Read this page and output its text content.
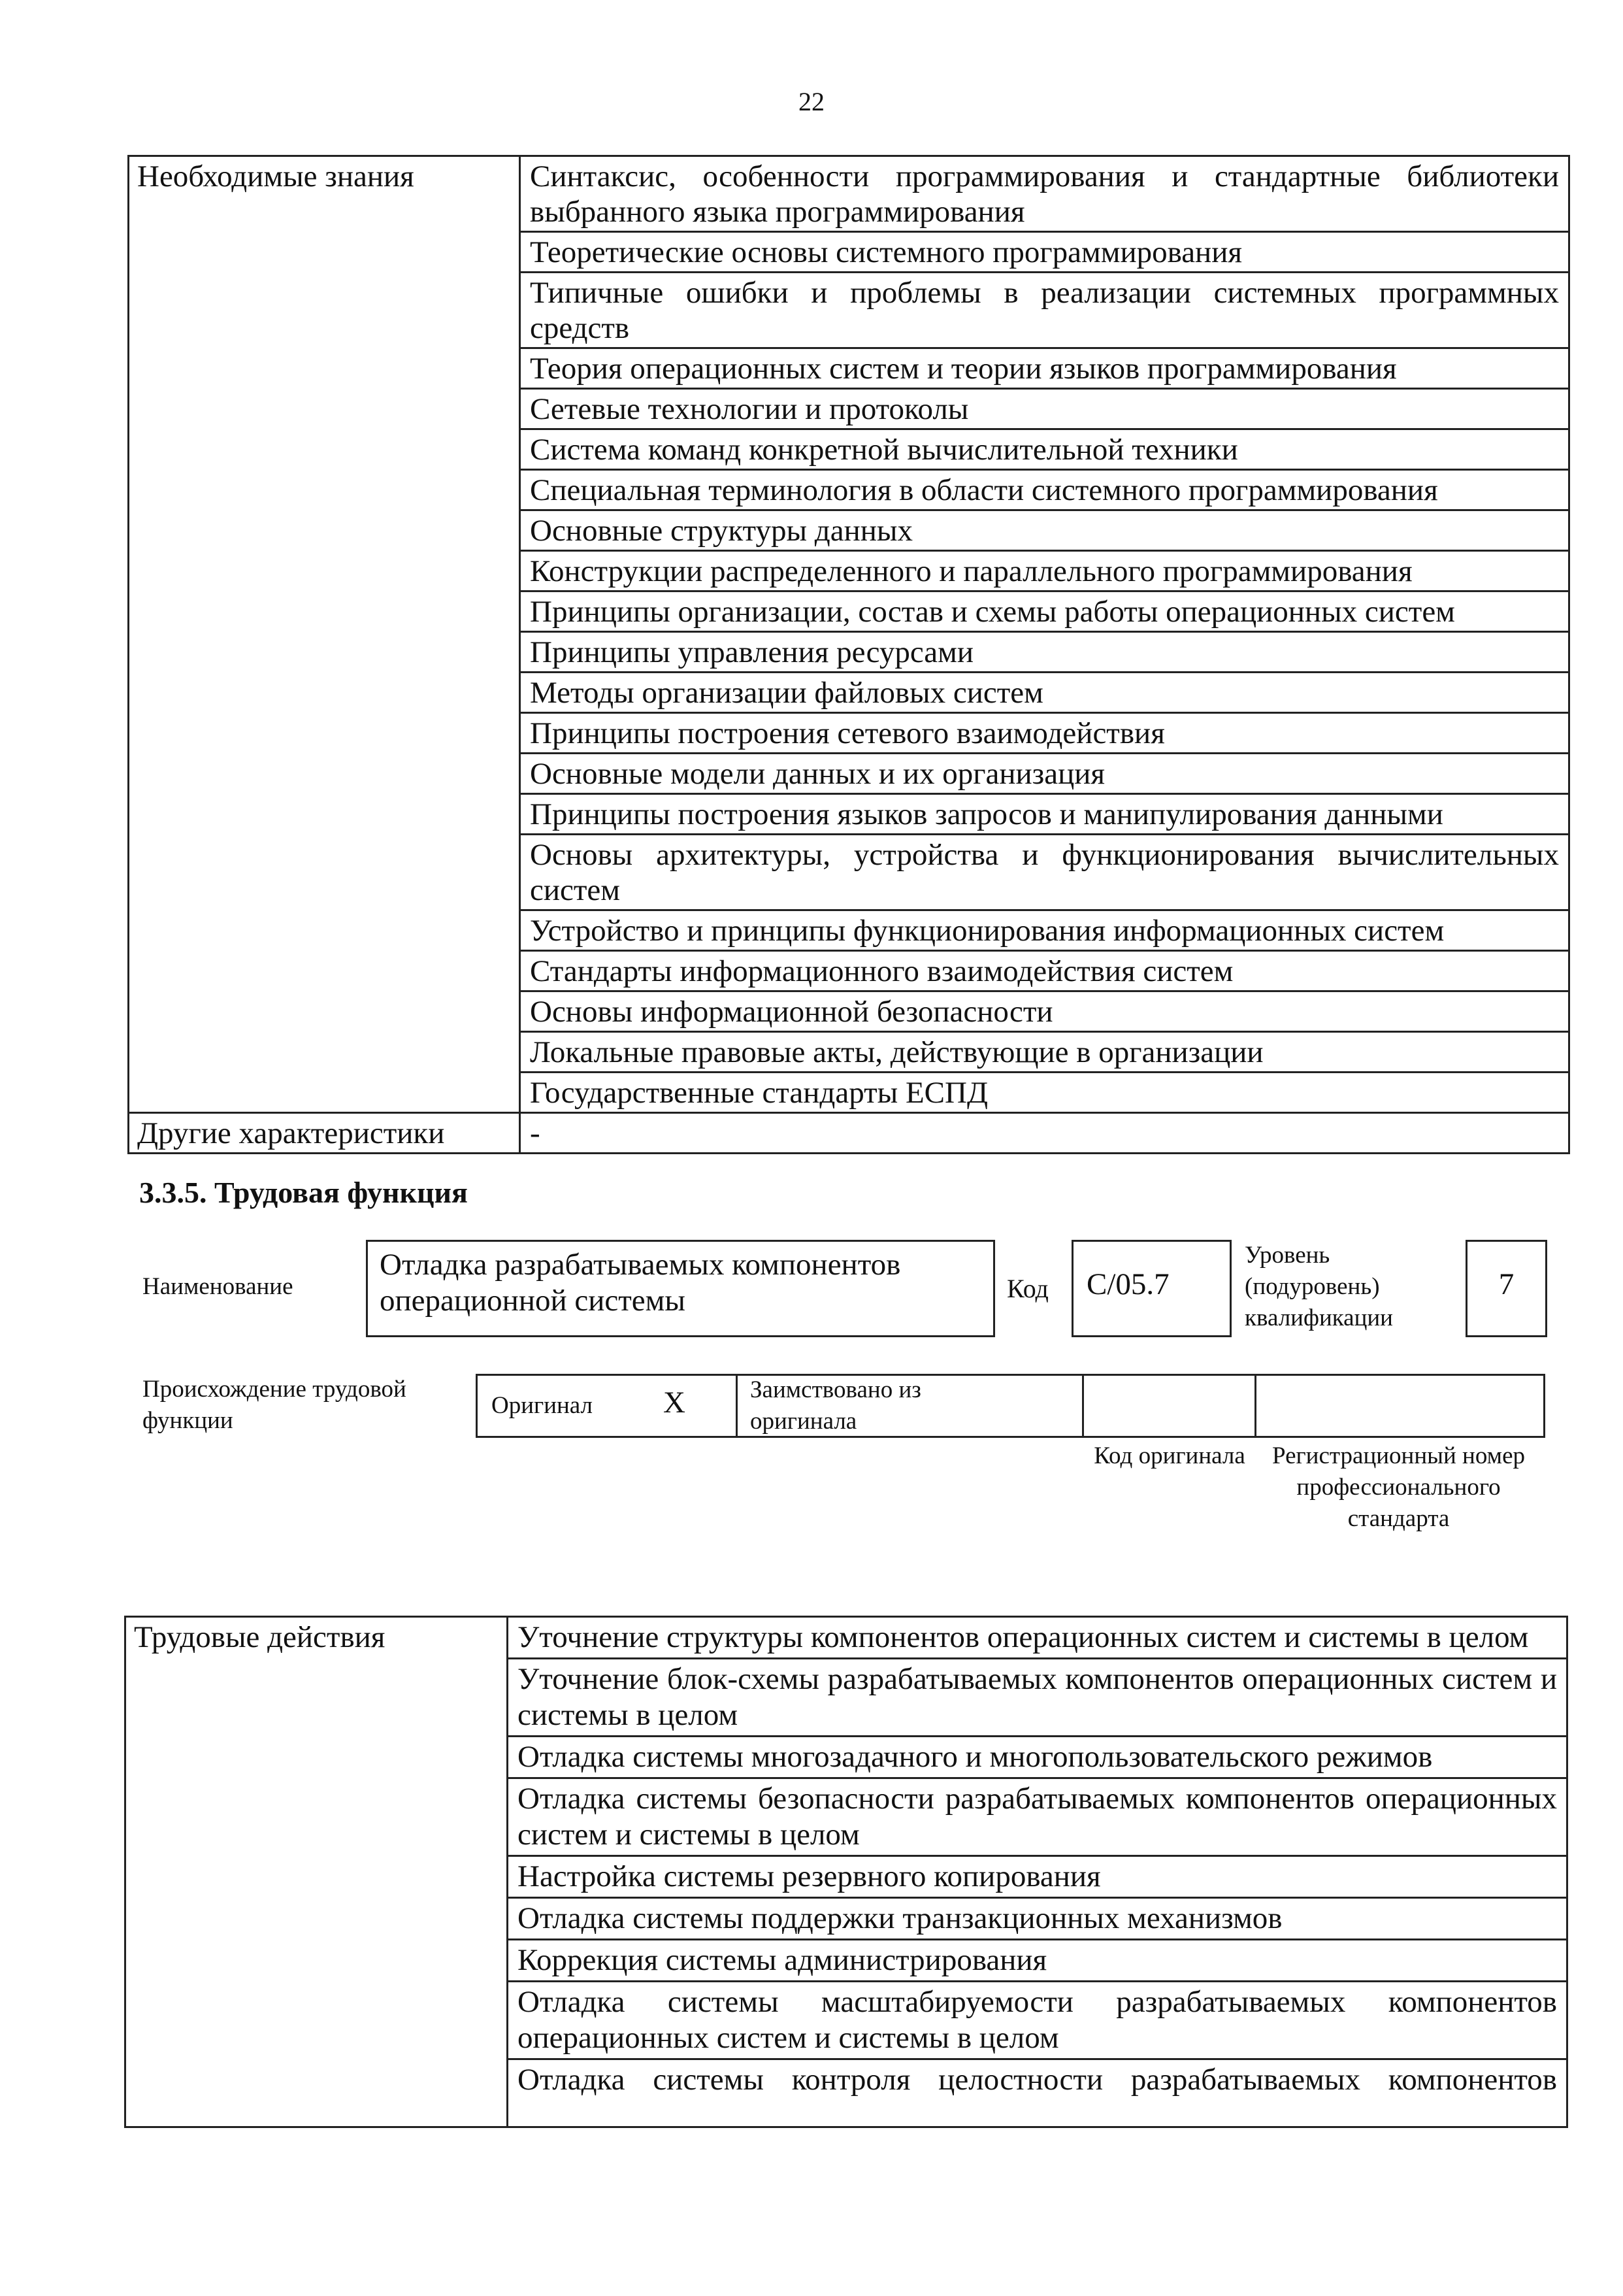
22
Необходимые знания	Синтаксис, особенности программирования и стандартные библиотеки выбранного языка программирования
	Теоретические основы системного программирования
	Типичные ошибки и проблемы в реализации системных программных средств
	Теория операционных систем и теории языков программирования
	Сетевые технологии и протоколы
	Система команд конкретной вычислительной техники
	Специальная терминология в области системного программирования
	Основные структуры данных
	Конструкции распределенного и параллельного программирования
	Принципы организации, состав и схемы работы операционных систем
	Принципы управления ресурсами
	Методы организации файловых систем
	Принципы построения сетевого взаимодействия
	Основные модели данных и их организация
	Принципы построения языков запросов и манипулирования данными
	Основы архитектуры, устройства и функционирования вычислительных систем
	Устройство и принципы функционирования информационных систем
	Стандарты информационного взаимодействия систем
	Основы информационной безопасности
	Локальные правовые акты, действующие в организации
	Государственные стандарты ЕСПД
Другие характеристики	-
3.3.5. Трудовая функция
Наименование
Отладка разрабатываемых компонентов операционной системы	Код	C/05.7
Уровень (подуровень) квалификации
7
Происхождение трудовой функции
Оригинал X	Заимствовано из оригинала
Код оригинала	Регистрационный номер профессионального стандарта
Трудовые действия	Уточнение структуры компонентов операционных систем и системы в целом
Уточнение блок-схемы разрабатываемых компонентов операционных систем и системы в целом
Отладка системы многозадачного и многопользовательского режимов
Отладка системы безопасности разрабатываемых компонентов операционных систем и системы в целом
Настройка системы резервного копирования
Отладка системы поддержки транзакционных механизмов
Коррекция системы администрирования
Отладка системы масштабируемости разрабатываемых компонентов операционных систем и системы в целом
Отладка системы контроля целостности разрабатываемых компонентов
